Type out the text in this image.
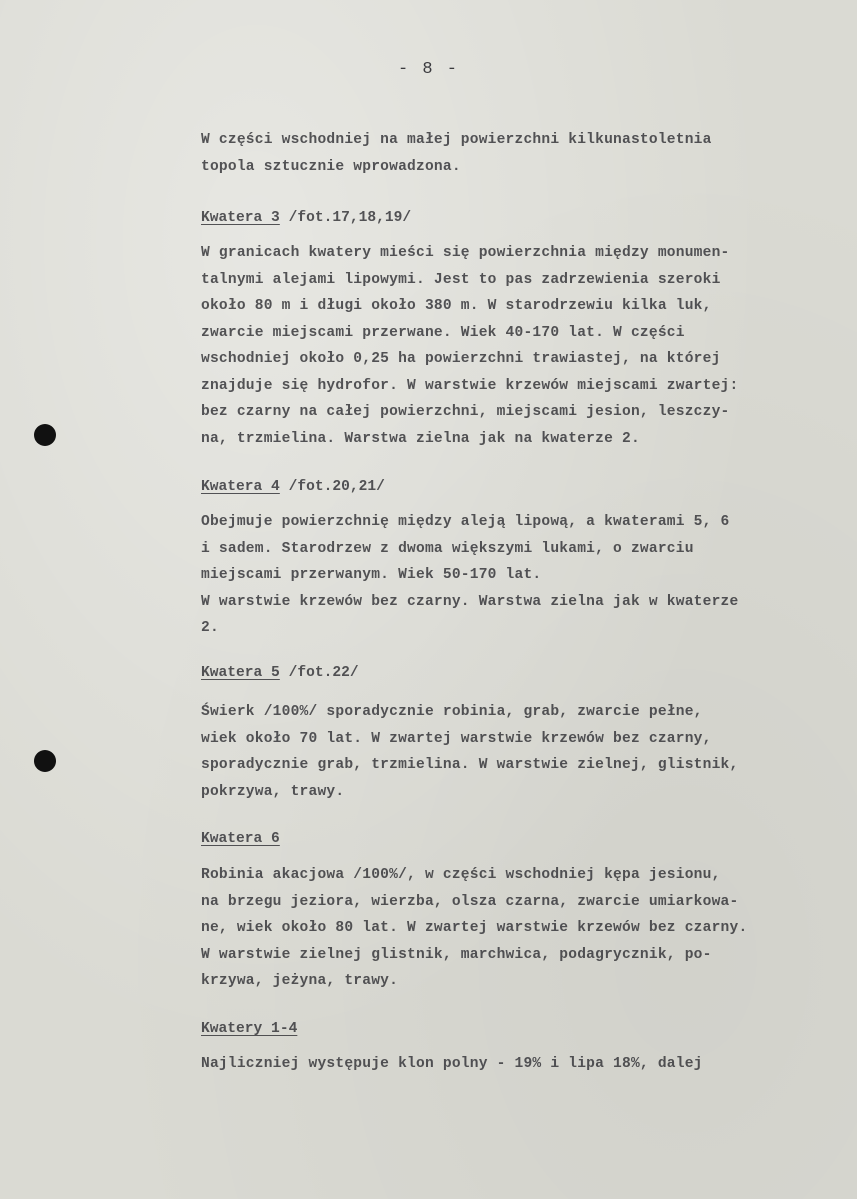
- 8 -
W części wschodniej na małej powierzchni kilkunastoletnia
topola sztucznie wprowadzona.
Kwatera 3 /fot.17,18,19/
W granicach kwatery mieści się powierzchnia między monumen-
talnymi alejami lipowymi. Jest to pas zadrzewienia szeroki
około 80 m i długi około 380 m. W starodrzewiu kilka luk,
zwarcie miejscami przerwane. Wiek 40-170 lat. W części
wschodniej około 0,25 ha powierzchni trawiastej, na której
znajduje się hydrofor. W warstwie krzewów miejscami zwartej:
bez czarny na całej powierzchni, miejscami jesion, leszczy-
na, trzmielina. Warstwa zielna jak na kwaterze 2.
Kwatera 4 /fot.20,21/
Obejmuje powierzchnię między aleją lipową, a kwaterami 5, 6
i sadem. Starodrzew z dwoma większymi lukami, o zwarciu
miejscami przerwanym. Wiek 50-170 lat.
W warstwie krzewów bez czarny. Warstwa zielna jak w kwaterze
2.
Kwatera 5 /fot.22/
Świerk /100%/ sporadycznie robinia, grab, zwarcie pełne,
wiek około 70 lat. W zwartej warstwie krzewów bez czarny,
sporadycznie grab, trzmielina. W warstwie zielnej, glistnik,
pokrzywa, trawy.
Kwatera 6
Robinia akacjowa /100%/, w części wschodniej kępa jesionu,
na brzegu jeziora, wierzba, olsza czarna, zwarcie umiarkowa-
ne, wiek około 80 lat. W zwartej warstwie krzewów bez czarny.
W warstwie zielnej glistnik, marchwica, podagrycznik, po-
krzywa, jeżyna, trawy.
Kwatery 1-4
Najliczniej występuje klon polny - 19% i lipa 18%, dalej
